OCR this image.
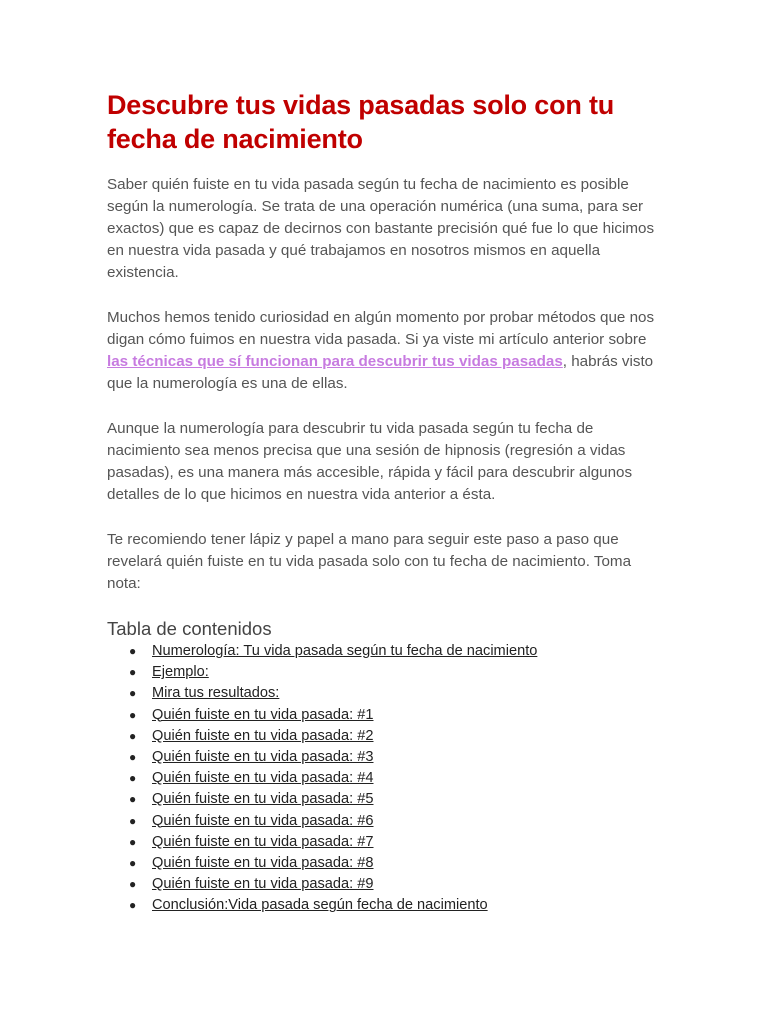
Descubre tus vidas pasadas solo con tu fecha de nacimiento

Saber quién fuiste en tu vida pasada según tu fecha de nacimiento es posible según la numerología. Se trata de una operación numérica (una suma, para ser exactos) que es capaz de decirnos con bastante precisión qué fue lo que hicimos en nuestra vida pasada y qué trabajamos en nosotros mismos en aquella existencia.

Muchos hemos tenido curiosidad en algún momento por probar métodos que nos digan cómo fuimos en nuestra vida pasada. Si ya viste mi artículo anterior sobre las técnicas que sí funcionan para descubrir tus vidas pasadas, habrás visto que la numerología es una de ellas.

Aunque la numerología para descubrir tu vida pasada según tu fecha de nacimiento sea menos precisa que una sesión de hipnosis (regresión a vidas pasadas), es una manera más accesible, rápida y fácil para descubrir algunos detalles de lo que hicimos en nuestra vida anterior a ésta.

Te recomiendo tener lápiz y papel a mano para seguir este paso a paso que revelará quién fuiste en tu vida pasada solo con tu fecha de nacimiento. Toma nota:

Tabla de contenidos
● Numerología: Tu vida pasada según tu fecha de nacimiento
● Ejemplo:
● Mira tus resultados:
● Quién fuiste en tu vida pasada: #1
● Quién fuiste en tu vida pasada: #2
● Quién fuiste en tu vida pasada: #3
● Quién fuiste en tu vida pasada: #4
● Quién fuiste en tu vida pasada: #5
● Quién fuiste en tu vida pasada: #6
● Quién fuiste en tu vida pasada: #7
● Quién fuiste en tu vida pasada: #8
● Quién fuiste en tu vida pasada: #9
● Conclusión:Vida pasada según fecha de nacimiento
